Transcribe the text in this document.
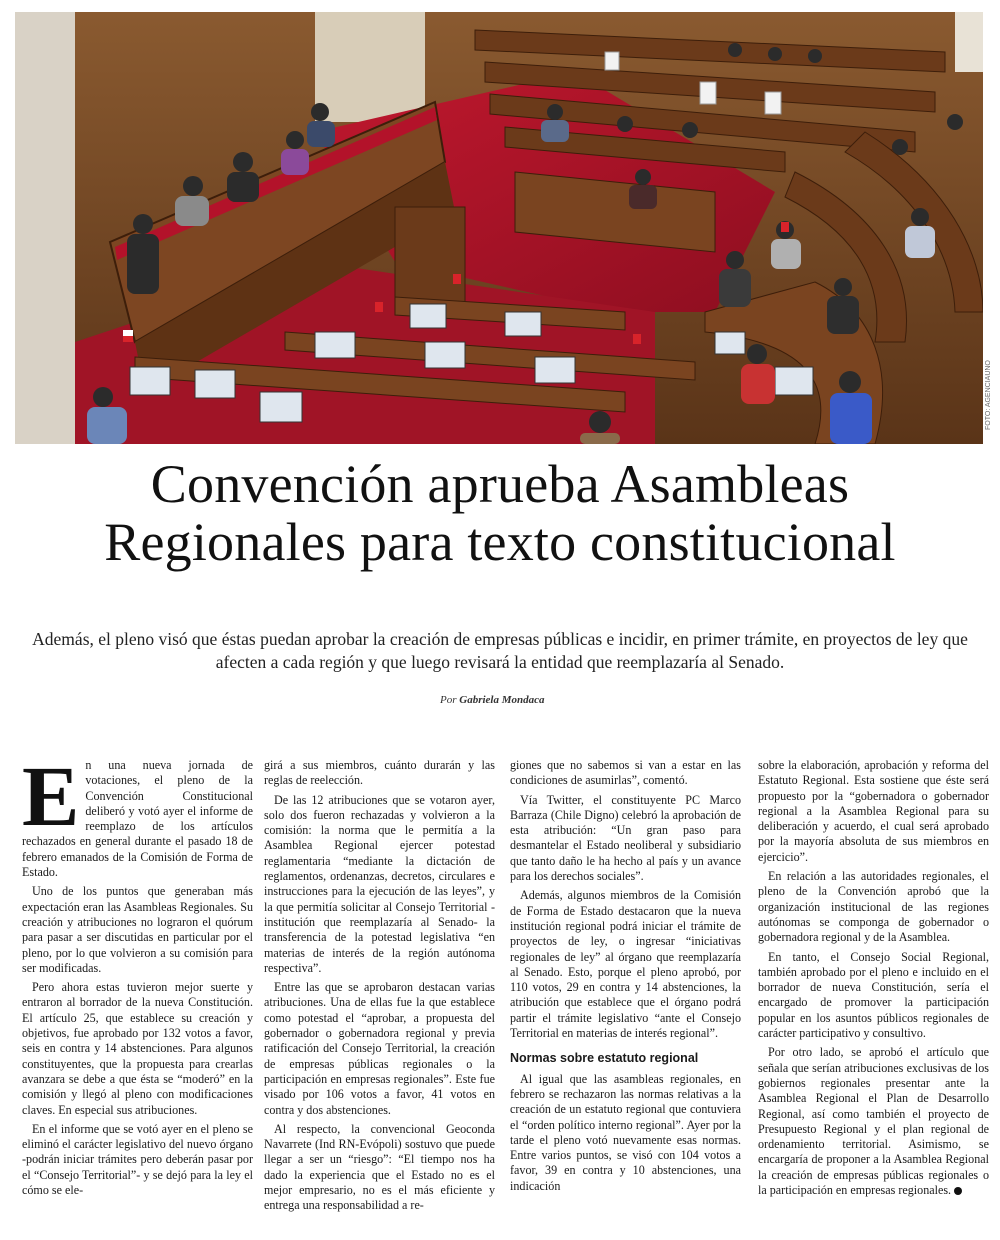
FOTO: AGENCIAUNO
Convención aprueba Asambleas
Regionales para texto constitucional

Además, el pleno visó que éstas puedan aprobar la creación de empresas públicas e incidir, en primer trámite, en proyectos de ley que afecten a cada región y que luego revisará la entidad que reemplazaría al Senado.

Por Gabriela Mondaca

En una nueva jornada de votaciones, el pleno de la Convención Constitucional deliberó y votó ayer el informe de reemplazo de los artículos rechazados en general durante el pasado 18 de febrero emanados de la Comisión de Forma de Estado.

Uno de los puntos que generaban más expectación eran las Asambleas Regionales. Su creación y atribuciones no lograron el quórum para pasar a ser discutidas en particular por el pleno, por lo que volvieron a su comisión para ser modificadas.

Pero ahora estas tuvieron mejor suerte y entraron al borrador de la nueva Constitución. El artículo 25, que establece su creación y objetivos, fue aprobado por 132 votos a favor, seis en contra y 14 abstenciones. Para algunos constituyentes, que la propuesta para crearlas avanzara se debe a que ésta se “moderó” en la comisión y llegó al pleno con modificaciones claves. En especial sus atribuciones.

En el informe que se votó ayer en el pleno se eliminó el carácter legislativo del nuevo órgano -podrán iniciar trámites pero deberán pasar por el “Consejo Territorial”- y se dejó para la ley el cómo se ele-

girá a sus miembros, cuánto durarán y las reglas de reelección.

De las 12 atribuciones que se votaron ayer, solo dos fueron rechazadas y volvieron a la comisión: la norma que le permitía a la Asamblea Regional ejercer potestad reglamentaria “mediante la dictación de reglamentos, ordenanzas, decretos, circulares e instrucciones para la ejecución de las leyes”, y la que permitía solicitar al Consejo Territorial -institución que reemplazaría al Senado- la transferencia de la potestad legislativa “en materias de interés de la región autónoma respectiva”.

Entre las que se aprobaron destacan varias atribuciones. Una de ellas fue la que establece como potestad el “aprobar, a propuesta del gobernador o gobernadora regional y previa ratificación del Consejo Territorial, la creación de empresas públicas regionales o la participación en empresas regionales”. Este fue visado por 106 votos a favor, 41 votos en contra y dos abstenciones.

Al respecto, la convencional Geoconda Navarrete (Ind RN-Evópoli) sostuvo que puede llegar a ser un “riesgo”: “El tiempo nos ha dado la experiencia que el Estado no es el mejor empresario, no es el más eficiente y entrega una responsabilidad a re-

giones que no sabemos si van a estar en las condiciones de asumirlas”, comentó.

Vía Twitter, el constituyente PC Marco Barraza (Chile Digno) celebró la aprobación de esta atribución: “Un gran paso para desmantelar el Estado neoliberal y subsidiario que tanto daño le ha hecho al país y un avance para los derechos sociales”.

Además, algunos miembros de la Comisión de Forma de Estado destacaron que la nueva institución regional podrá iniciar el trámite de proyectos de ley, o ingresar “iniciativas regionales de ley” al órgano que reemplazaría al Senado. Esto, porque el pleno aprobó, por 110 votos, 29 en contra y 14 abstenciones, la atribución que establece que el órgano podrá partir el trámite legislativo “ante el Consejo Territorial en materias de interés regional”.

Normas sobre estatuto regional

Al igual que las asambleas regionales, en febrero se rechazaron las normas relativas a la creación de un estatuto regional que contuviera el “orden político interno regional”. Ayer por la tarde el pleno votó nuevamente esas normas. Entre varios puntos, se visó con 104 votos a favor, 39 en contra y 10 abstenciones, una indicación

sobre la elaboración, aprobación y reforma del Estatuto Regional. Esta sostiene que éste será propuesto por la “gobernadora o gobernador regional a la Asamblea Regional para su deliberación y acuerdo, el cual será aprobado por la mayoría absoluta de sus miembros en ejercicio”.

En relación a las autoridades regionales, el pleno de la Convención aprobó que la organización institucional de las regiones autónomas se componga de gobernador o gobernadora regional y de la Asamblea.

En tanto, el Consejo Social Regional, también aprobado por el pleno e incluido en el borrador de nueva Constitución, sería el encargado de promover la participación popular en los asuntos públicos regionales de carácter participativo y consultivo.

Por otro lado, se aprobó el artículo que señala que serían atribuciones exclusivas de los gobiernos regionales presentar ante la Asamblea Regional el Plan de Desarrollo Regional, así como también el proyecto de Presupuesto Regional y el plan regional de ordenamiento territorial. Asimismo, se encargaría de proponer a la Asamblea Regional la creación de empresas públicas regionales o la participación en empresas regionales.
